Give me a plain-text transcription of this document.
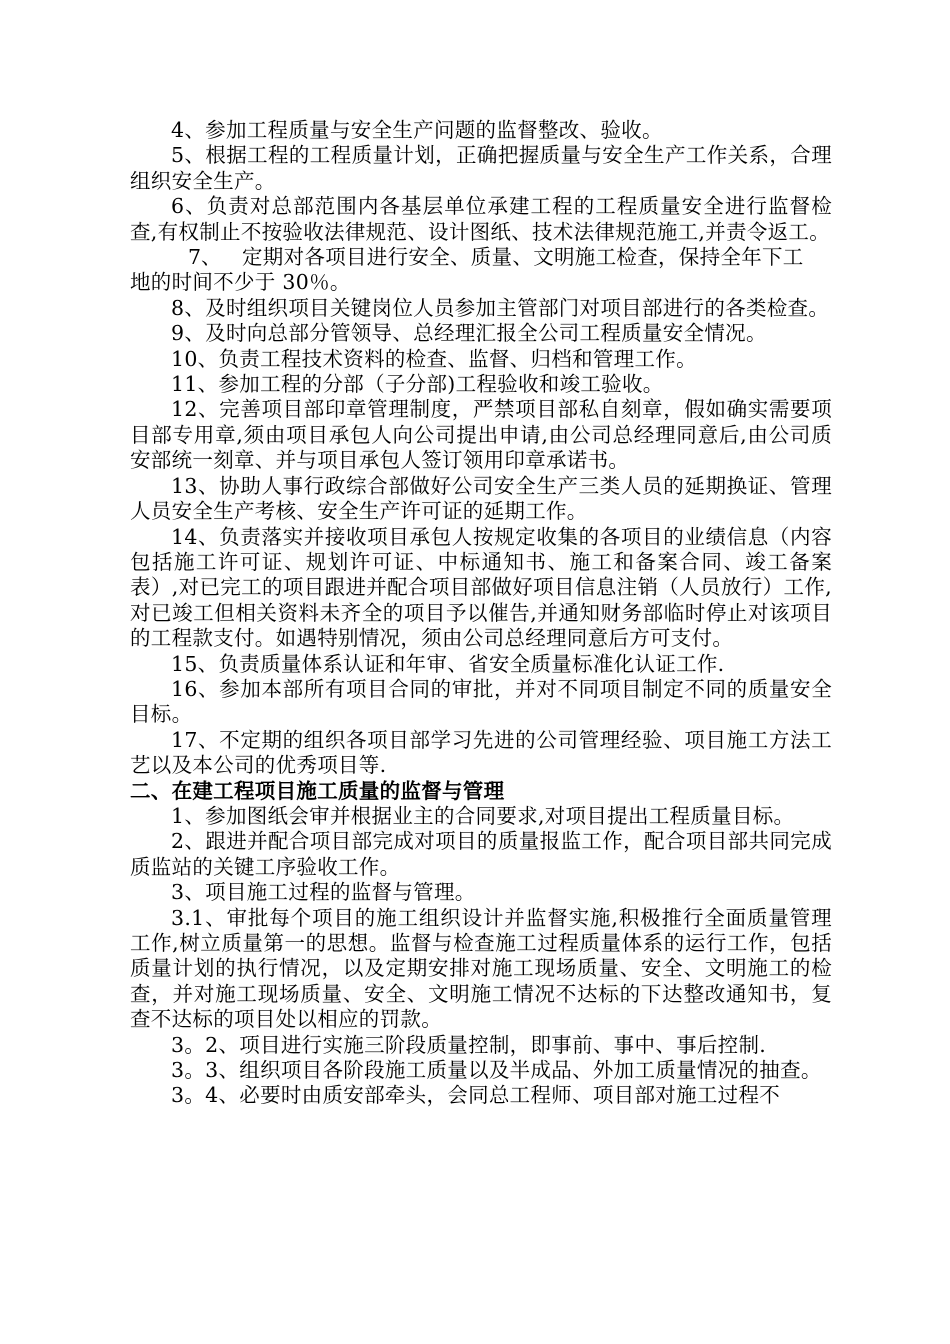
4、参加工程质量与安全生产问题的监督整改、验收。

5、根据工程的工程质量计划，正确把握质量与安全生产工作关系，合理组织安全生产。

6、负责对总部范围内各基层单位承建工程的工程质量安全进行监督检查,有权制止不按验收法律规范、设计图纸、技术法律规范施工,并责令返工。

7、 定期对各项目进行安全、质量、文明施工检查，保持全年下工

地的时间不少于 30％。

8、及时组织项目关键岗位人员参加主管部门对项目部进行的各类检查。

9、及时向总部分管领导、总经理汇报全公司工程质量安全情况。

10、负责工程技术资料的检查、监督、归档和管理工作。

11、参加工程的分部（子分部)工程验收和竣工验收。

12、完善项目部印章管理制度，严禁项目部私自刻章，假如确实需要项目部专用章,须由项目承包人向公司提出申请,由公司总经理同意后,由公司质安部统一刻章、并与项目承包人签订领用印章承诺书。

13、协助人事行政综合部做好公司安全生产三类人员的延期换证、管理人员安全生产考核、安全生产许可证的延期工作。

14、负责落实并接收项目承包人按规定收集的各项目的业绩信息（内容包括施工许可证、规划许可证、中标通知书、施工和备案合同、竣工备案表）,对已完工的项目跟进并配合项目部做好项目信息注销（人员放行）工作,对已竣工但相关资料未齐全的项目予以催告,并通知财务部临时停止对该项目的工程款支付。如遇特别情况，须由公司总经理同意后方可支付。

15、负责质量体系认证和年审、省安全质量标准化认证工作.

16、参加本部所有项目合同的审批，并对不同项目制定不同的质量安全目标。

17、不定期的组织各项目部学习先进的公司管理经验、项目施工方法工艺以及本公司的优秀项目等.

二、在建工程项目施工质量的监督与管理

1、参加图纸会审并根据业主的合同要求,对项目提出工程质量目标。

2、跟进并配合项目部完成对项目的质量报监工作，配合项目部共同完成质监站的关键工序验收工作。

3、项目施工过程的监督与管理。

3.1、审批每个项目的施工组织设计并监督实施,积极推行全面质量管理工作,树立质量第一的思想。监督与检查施工过程质量体系的运行工作，包括质量计划的执行情况，以及定期安排对施工现场质量、安全、文明施工的检查，并对施工现场质量、安全、文明施工情况不达标的下达整改通知书，复查不达标的项目处以相应的罚款。

3。2、项目进行实施三阶段质量控制，即事前、事中、事后控制.

3。3、组织项目各阶段施工质量以及半成品、外加工质量情况的抽查。

3。4、必要时由质安部牵头，会同总工程师、项目部对施工过程不
